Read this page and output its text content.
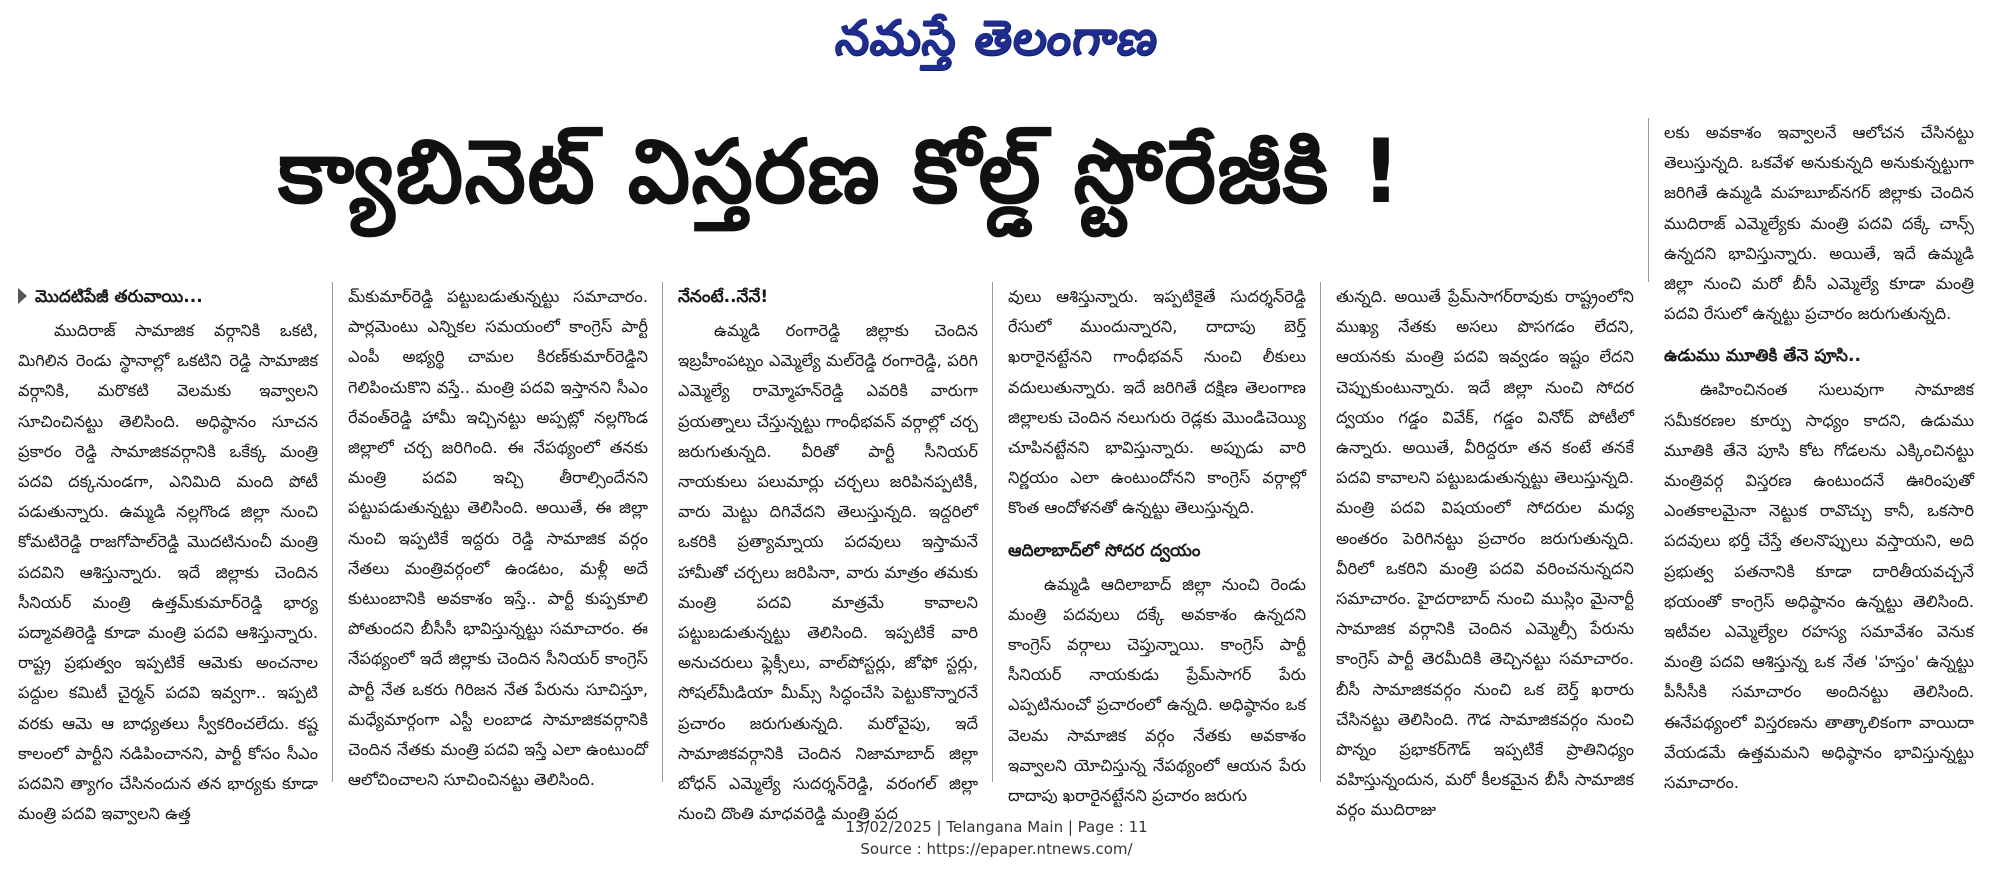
నమస్తే తెలంగాణ
క్యాబినెట్ విస్తరణ కోల్డ్ స్టోరేజీకి !
మొదటిపేజీ తరువాయి...

ముదిరాజ్ సామాజిక వర్గానికి ఒకటి, మిగిలిన రెండు స్థానాల్లో ఒకటిని రెడ్డి సామాజిక వర్గానికి, మరొకటి వెలమకు ఇవ్వాలని సూచించినట్టు తెలిసింది. అధిష్ఠానం సూచన ప్రకారం రెడ్డి సామాజికవర్గానికి ఒకేక్క మంత్రి పదవి దక్కనుండగా, ఎనిమిది మంది పోటీ పడుతున్నారు. ఉమ్మడి నల్లగొండ జిల్లా నుంచి కోమటిరెడ్డి రాజగోపాల్‌రెడ్డి మొదటినుంచీ మంత్రి పదవిని ఆశిస్తున్నారు. ఇదే జిల్లాకు చెందిన సీనియర్ మంత్రి ఉత్తమ్‌కుమార్‌రెడ్డి భార్య పద్మావతిరెడ్డి కూడా మంత్రి పదవి ఆశిస్తున్నారు. రాష్ట్ర ప్రభుత్వం ఇప్పటికే ఆమెకు అంచనాల పద్దుల కమిటీ చైర్మన్ పదవి ఇవ్వగా.. ఇప్పటి వరకు ఆమె ఆ బాధ్యతలు స్వీకరించలేదు. కష్ట కాలంలో పార్టీని నడిపించానని, పార్టీ కోసం సీఎం పదవిని త్యాగం చేసినందున తన భార్యకు కూడా మంత్రి పదవి ఇవ్వాలని ఉత్త

మ్‌కుమార్‌రెడ్డి పట్టుబడుతున్నట్టు సమాచారం. పార్లమెంటు ఎన్నికల సమయంలో కాంగ్రెస్ పార్టీ ఎంపీ అభ్యర్థి చామల కిరణ్‌కుమార్‌రెడ్డిని గెలిపించుకొని వస్తే.. మంత్రి పదవి ఇస్తానని సీఎం రేవంత్‌రెడ్డి హామీ ఇచ్చినట్టు అప్పట్లో నల్లగొండ జిల్లాలో చర్చ జరిగింది. ఈ నేపథ్యంలో తనకు మంత్రి పదవి ఇచ్చి తీరాల్సిందేనని పట్టుపడుతున్నట్టు తెలిసింది. అయితే, ఈ జిల్లా నుంచి ఇప్పటికే ఇద్దరు రెడ్డి సామాజిక వర్గం నేతలు మంత్రివర్గంలో ఉండటం, మళ్లీ అదే కుటుంబానికి అవకాశం ఇస్తే.. పార్టీ కుప్పకూలి పోతుందని బీసీసీ భావిస్తున్నట్టు సమాచారం. ఈ నేపథ్యంలో ఇదే జిల్లాకు చెందిన సీనియర్ కాంగ్రెస్ పార్టీ నేత ఒకరు గిరిజన నేత పేరును సూచిస్తూ, మధ్యేమార్గంగా ఎస్టీ లంబాడ సామాజికవర్గానికి చెందిన నేతకు మంత్రి పదవి ఇస్తే ఎలా ఉంటుందో ఆలోచించాలని సూచించినట్టు తెలిసింది.

నేనంటే..నేనే!

ఉమ్మడి రంగారెడ్డి జిల్లాకు చెందిన ఇబ్రహీంపట్నం ఎమ్మెల్యే మల్‌రెడ్డి రంగారెడ్డి, పరిగి ఎమ్మెల్యే రామ్మోహన్‌రెడ్డి ఎవరికి వారుగా ప్రయత్నాలు చేస్తున్నట్టు గాంధీభవన్ వర్గాల్లో చర్చ జరుగుతున్నది. వీరితో పార్టీ సీనియర్ నాయకులు పలుమార్లు చర్చలు జరిపినప్పటికీ, వారు మెట్టు దిగివేదని తెలుస్తున్నది. ఇద్దరిలో ఒకరికి ప్రత్యామ్నాయ పదవులు ఇస్తామనే హామీతో చర్చలు జరిపినా, వారు మాత్రం తమకు మంత్రి పదవి మాత్రమే కావాలని పట్టుబడుతున్నట్టు తెలిసింది. ఇప్పటికే వారి అనుచరులు ఫ్లెక్సీలు, వాల్‌పోస్టర్లు, జోఫో స్టర్లు, సోషల్‌మీడియా మీమ్స్ సిద్ధంచేసి పెట్టుకొన్నారనే ప్రచారం జరుగుతున్నది. మరోవైపు, ఇదే సామాజికవర్గానికి చెందిన నిజామాబాద్ జిల్లా బోధన్ ఎమ్మెల్యే సుదర్శన్‌రెడ్డి, వరంగల్ జిల్లా నుంచి దొంతి మాధవరెడ్డి మంత్రి పద

వులు ఆశిస్తున్నారు. ఇప్పటికైతే సుదర్శన్‌రెడ్డి రేసులో ముందున్నారని, దాదాపు బెర్త్ ఖరారైనట్టేనని గాంధీభవన్ నుంచి లీకులు వదులుతున్నారు. ఇదే జరిగితే దక్షిణ తెలంగాణ జిల్లాలకు చెందిన నలుగురు రెడ్లకు మొండిచెయ్యి చూపినట్టేనని భావిస్తున్నారు. అప్పుడు వారి నిర్ణయం ఎలా ఉంటుందోనని కాంగ్రెస్ వర్గాల్లో కొంత ఆందోళనతో ఉన్నట్టు తెలుస్తున్నది.

ఆదిలాబాద్‌లో సోదర ద్వయం

ఉమ్మడి ఆదిలాబాద్ జిల్లా నుంచి రెండు మంత్రి పదవులు దక్కే అవకాశం ఉన్నదని కాంగ్రెస్ వర్గాలు చెప్తున్నాయి. కాంగ్రెస్ పార్టీ సీనియర్ నాయకుడు ప్రేమ్‌సాగర్ పేరు ఎప్పటినుంచో ప్రచారంలో ఉన్నది. అధిష్ఠానం ఒక వెలమ సామాజిక వర్గం నేతకు అవకాశం ఇవ్వాలని యోచిస్తున్న నేపథ్యంలో ఆయన పేరు దాదాపు ఖరారైనట్టేనని ప్రచారం జరుగు

తున్నది. అయితే ప్రేమ్‌సాగర్‌రావుకు రాష్ట్రంలోని ముఖ్య నేతకు అసలు పొసగడం లేదని, ఆయనకు మంత్రి పదవి ఇవ్వడం ఇష్టం లేదని చెప్పుకుంటున్నారు. ఇదే జిల్లా నుంచి సోదర ద్వయం గడ్డం వివేక్, గడ్డం వినోద్ పోటీలో ఉన్నారు. అయితే, వీరిద్దరూ తన కంటే తనకే పదవి కావాలని పట్టుబడుతున్నట్టు తెలుస్తున్నది. మంత్రి పదవి విషయంలో సోదరుల మధ్య అంతరం పెరిగినట్టు ప్రచారం జరుగుతున్నది. వీరిలో ఒకరిని మంత్రి పదవి వరించనున్నదని సమాచారం. హైదరాబాద్ నుంచి ముస్లిం మైనార్టీ సామాజిక వర్గానికి చెందిన ఎమ్మెల్సీ పేరును కాంగ్రెస్ పార్టీ తెరమీదికి తెచ్చినట్టు సమాచారం. బీసీ సామాజికవర్గం నుంచి ఒక బెర్త్ ఖరారు చేసినట్టు తెలిసింది. గౌడ సామాజికవర్గం నుంచి పొన్నం ప్రభాకర్‌గౌడ్ ఇప్పటికే ప్రాతినిధ్యం వహిస్తున్నందున, మరో కీలకమైన బీసీ సామాజిక వర్గం ముదిరాజు

లకు అవకాశం ఇవ్వాలనే ఆలోచన చేసినట్టు తెలుస్తున్నది. ఒకవేళ అనుకున్నది అనుకున్నట్టుగా జరిగితే ఉమ్మడి మహబూబ్‌నగర్ జిల్లాకు చెందిన ముదిరాజ్ ఎమ్మెల్యేకు మంత్రి పదవి దక్కే చాన్స్ ఉన్నదని భావిస్తున్నారు. అయితే, ఇదే ఉమ్మడి జిల్లా నుంచి మరో బీసీ ఎమ్మెల్యే కూడా మంత్రి పదవి రేసులో ఉన్నట్టు ప్రచారం జరుగుతున్నది.

ఉడుము మూతికి తేనె పూసి..

ఊహించినంత సులువుగా సామాజిక సమీకరణల కూర్పు సాధ్యం కాదని, ఉడుము మూతికి తేనె పూసి కోట గోడలను ఎక్కించినట్టు మంత్రివర్గ విస్తరణ ఉంటుందనే ఊరింపుతో ఎంతకాలమైనా నెట్టుక రావొచ్చు కానీ, ఒకసారి పదవులు భర్తీ చేస్తే తలనొప్పులు వస్తాయని, అది ప్రభుత్వ పతనానికి కూడా దారితీయవచ్చనే భయంతో కాంగ్రెస్ అధిష్ఠానం ఉన్నట్టు తెలిసింది. ఇటీవల ఎమ్మెల్యేల రహస్య సమావేశం వెనుక మంత్రి పదవి ఆశిస్తున్న ఒక నేత 'హస్తం' ఉన్నట్టు పీసీసీకి సమాచారం అందినట్టు తెలిసింది. ఈనేపథ్యంలో విస్తరణను తాత్కాలికంగా వాయిదా వేయడమే ఉత్తమమని అధిష్ఠానం భావిస్తున్నట్టు సమాచారం.

13/02/2025 | Telangana Main | Page : 11
Source : https://epaper.ntnews.com/
